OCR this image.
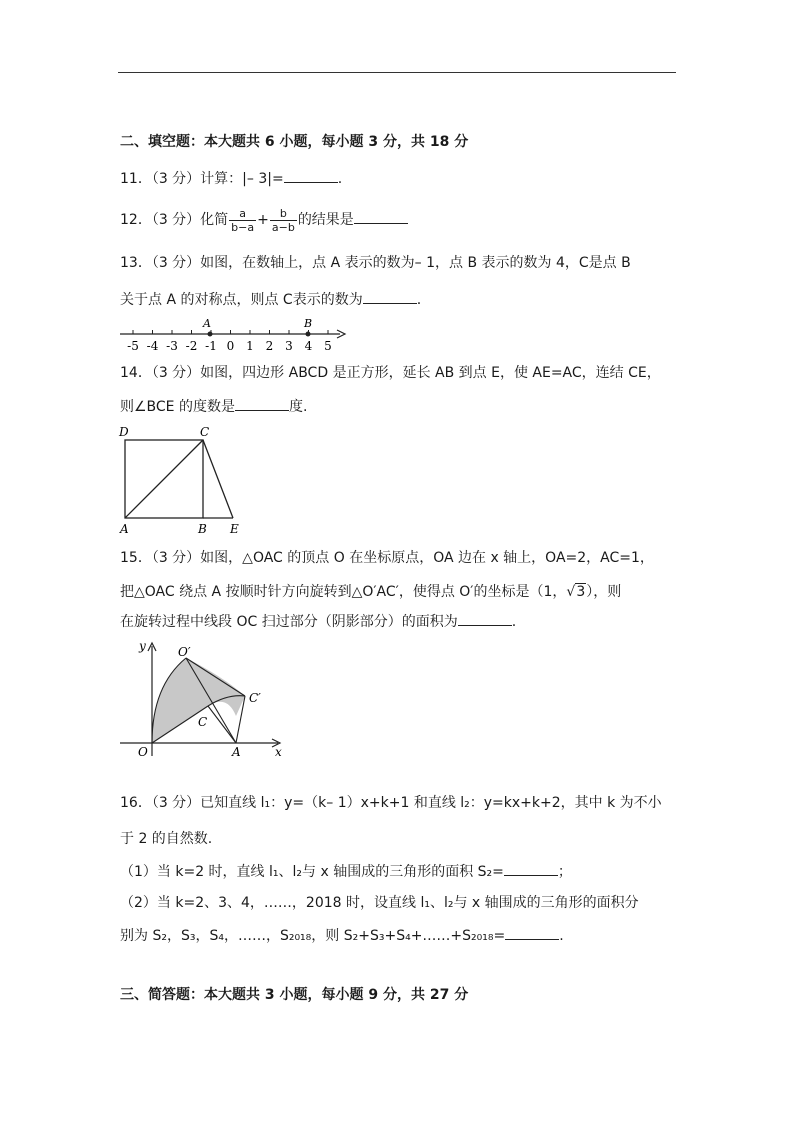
二、填空题：本大题共 6 小题，每小题 3 分，共 18 分
11．（3 分）计算：|– 3|=	.
12．（3 分）化简 $\frac{a}{b-a} + \frac{b}{a-b}$ 的结果是
13．（3 分）如图，在数轴上，点 A 表示的数为– 1，点 B 表示的数为 4，C是点 B
关于点 A 的对称点，则点 C表示的数为	.
-5 -4 -3 -2 -1 0 1 2 3 4 5
A	B
14．（3 分）如图，四边形 ABCD 是正方形，延长 AB 到点 E，使 AE=AC，连结 CE，
则∠BCE 的度数是	度.
D	C
A	B E
15．（3 分）如图，△OAC 的顶点 O 在坐标原点，OA 边在 x 轴上，OA=2，AC=1，
把△OAC 绕点 A 按顺时针方向旋转到△O′AC′，使得点 O′的坐标是（1，√3），则
在旋转过程中线段 OC 扫过部分（阴影部分）的面积为	.
y
x
O	A
C
O′
C′
16．（3 分）已知直线 l₁：y=（k– 1）x+k+1 和直线 l₂：y=kx+k+2，其中 k 为不小
于 2 的自然数.
（1）当 k=2 时，直线 l₁、l₂与 x 轴围成的三角形的面积 S₂=	；
（2）当 k=2、3、4，……，2018 时，设直线 l₁、l₂与 x 轴围成的三角形的面积分
别为 S₂，S₃，S₄，……，S₂₀₁₈，则 S₂+S₃+S₄+……+S₂₀₁₈=	.
三、简答题：本大题共 3 小题，每小题 9 分，共 27 分
